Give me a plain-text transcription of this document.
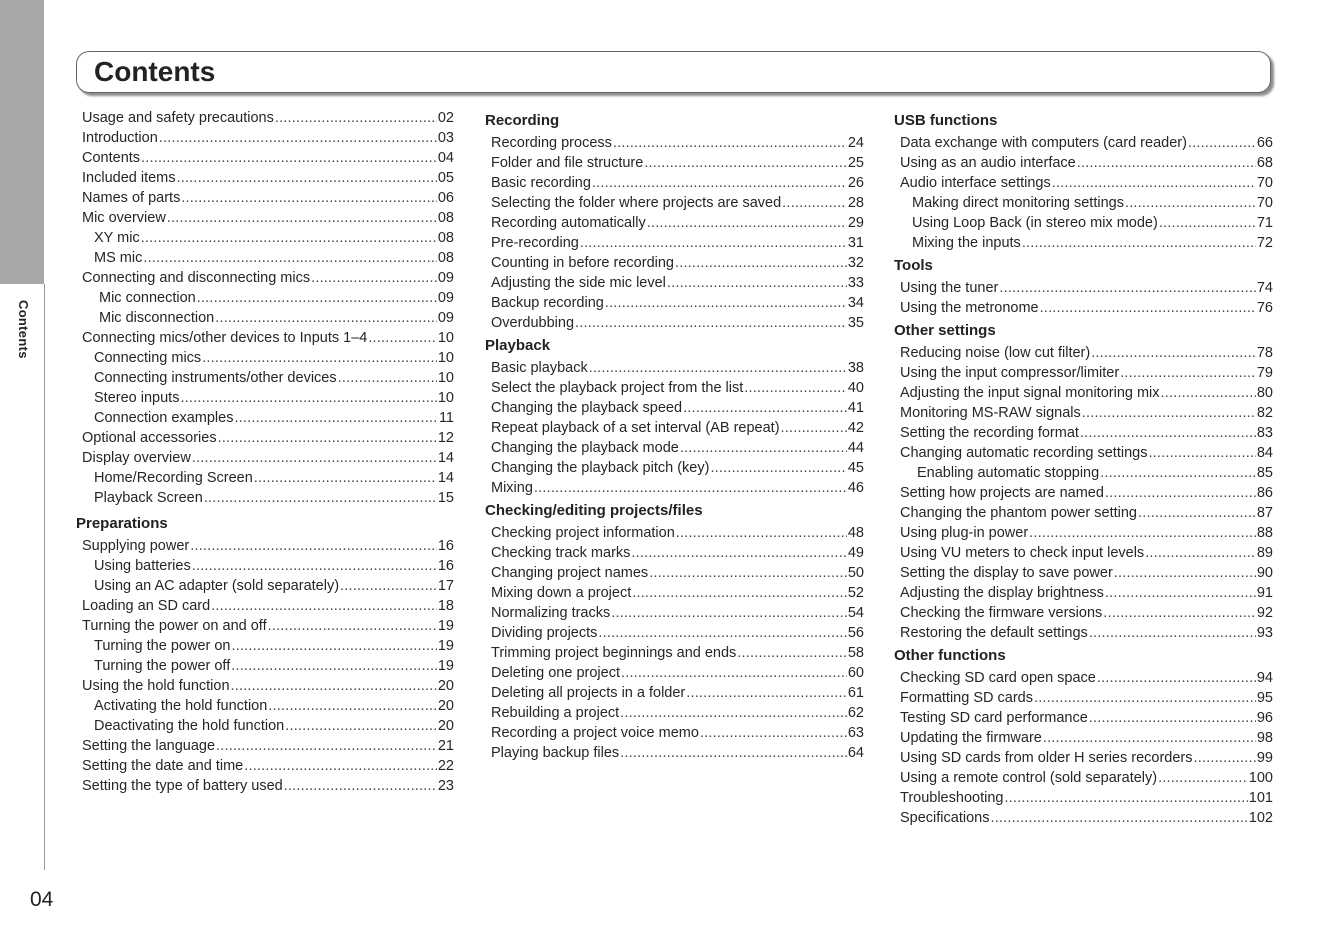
Contents
04
Contents
Usage and safety precautions .....	02
Introduction .....	03
Contents .....	04
Included items .....	05
Names of parts .....	06
Mic overview .....	08
XY mic .....	08
MS mic .....	08
Connecting and disconnecting mics .....	09
Mic connection .....	09
Mic disconnection .....	09
Connecting mics/other devices to Inputs 1–4 .....	10
Connecting mics .....	10
Connecting instruments/other devices .....	10
Stereo inputs .....	10
Connection examples .....	11
Optional accessories .....	12
Display overview .....	14
Home/Recording Screen .....	14
Playback Screen .....	15
Preparations
Supplying power .....	16
Using batteries .....	16
Using an AC adapter (sold separately) .....	17
Loading an SD card .....	18
Turning the power on and off .....	19
Turning the power on .....	19
Turning the power off .....	19
Using the hold function .....	20
Activating the hold function .....	20
Deactivating the hold function .....	20
Setting the language .....	21
Setting the date and time .....	22
Setting the type of battery used .....	23
Recording
Recording process .....	24
Folder and file structure .....	25
Basic recording .....	26
Selecting the folder where projects are saved .....	28
Recording automatically .....	29
Pre-recording .....	31
Counting in before recording .....	32
Adjusting the side mic level .....	33
Backup recording .....	34
Overdubbing .....	35
Playback
Basic playback .....	38
Select the playback project from the list .....	40
Changing the playback speed .....	41
Repeat playback of a set interval (AB repeat) .....	42
Changing the playback mode .....	44
Changing the playback pitch (key) .....	45
Mixing .....	46
Checking/editing projects/files
Checking project information .....	48
Checking track marks .....	49
Changing project names .....	50
Mixing down a project .....	52
Normalizing tracks .....	54
Dividing projects .....	56
Trimming project beginnings and ends .....	58
Deleting one project .....	60
Deleting all projects in a folder .....	61
Rebuilding a project .....	62
Recording a project voice memo .....	63
Playing backup files .....	64
USB functions
Data exchange with computers (card reader) .....	66
Using as an audio interface .....	68
Audio interface settings .....	70
Making direct monitoring settings .....	70
Using Loop Back (in stereo mix mode) .....	71
Mixing the inputs .....	72
Tools
Using the tuner .....	74
Using the metronome .....	76
Other settings
Reducing noise (low cut filter) .....	78
Using the input compressor/limiter .....	79
Adjusting the input signal monitoring mix .....	80
Monitoring MS-RAW signals .....	82
Setting the recording format .....	83
Changing automatic recording settings .....	84
Enabling automatic stopping .....	85
Setting how projects are named .....	86
Changing the phantom power setting .....	87
Using plug-in power .....	88
Using VU meters to check input levels .....	89
Setting the display to save power .....	90
Adjusting the display brightness .....	91
Checking the firmware versions .....	92
Restoring the default settings .....	93
Other functions
Checking SD card open space .....	94
Formatting SD cards .....	95
Testing SD card performance .....	96
Updating the firmware .....	98
Using SD cards from older H series recorders .....	99
Using a remote control (sold separately) .....	100
Troubleshooting .....	101
Specifications .....	102
